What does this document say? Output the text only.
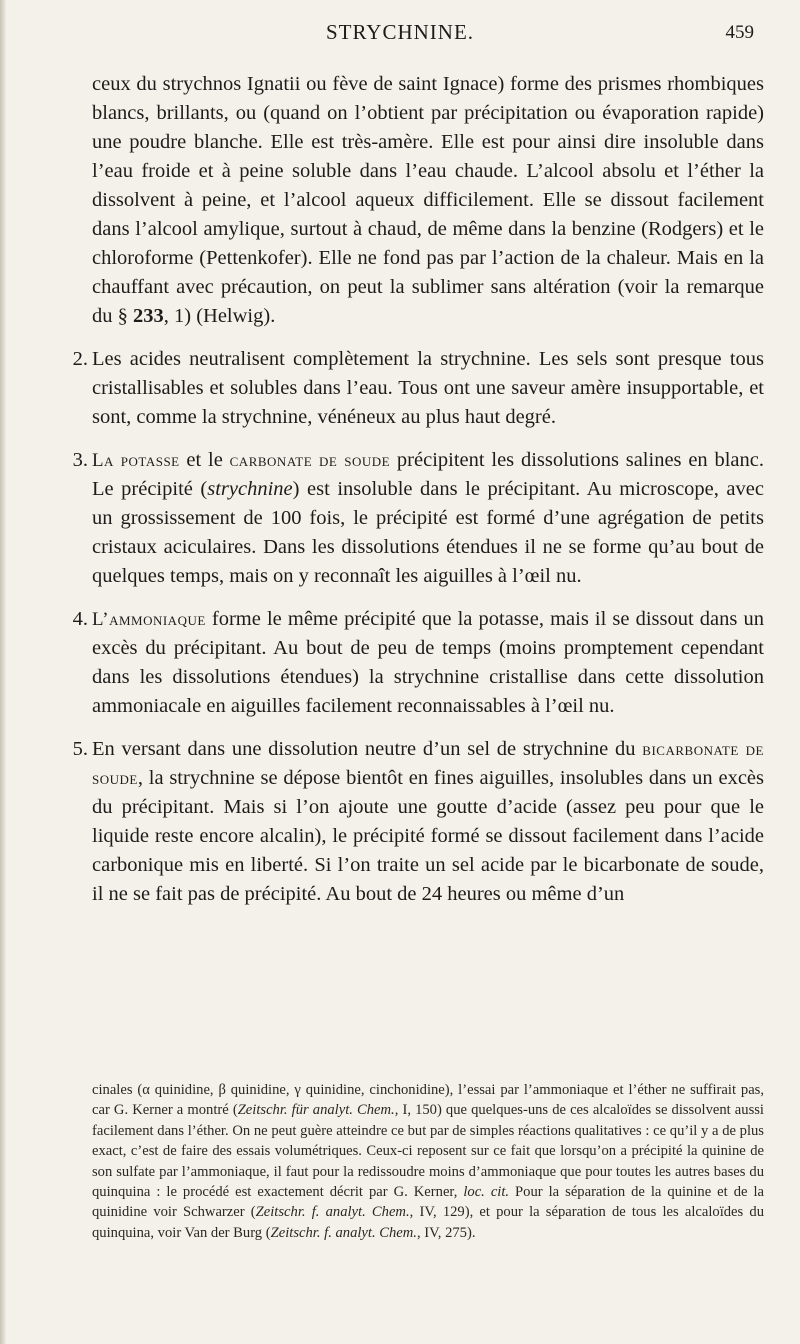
STRYCHNINE.	459

ceux du strychnos Ignatii ou fève de saint Ignace) forme des prismes rhombiques blancs, brillants, ou (quand on l’obtient par précipitation ou évaporation rapide) une poudre blanche. Elle est très-amère. Elle est pour ainsi dire insoluble dans l’eau froide et à peine soluble dans l’eau chaude. L’alcool absolu et l’éther la dissolvent à peine, et l’alcool aqueux difficilement. Elle se dissout facilement dans l’alcool amylique, surtout à chaud, de même dans la benzine (Rodgers) et le chloroforme (Pettenkofer). Elle ne fond pas par l’action de la chaleur. Mais en la chauffant avec précaution, on peut la sublimer sans altération (voir la remarque du § 233, 1) (Helwig).

2. Les acides neutralisent complètement la strychnine. Les sels sont presque tous cristallisables et solubles dans l’eau. Tous ont une saveur amère insupportable, et sont, comme la strychnine, vénéneux au plus haut degré.

3. La potasse et le carbonate de soude précipitent les dissolutions salines en blanc. Le précipité (strychnine) est insoluble dans le précipitant. Au microscope, avec un grossissement de 100 fois, le précipité est formé d’une agrégation de petits cristaux aciculaires. Dans les dissolutions étendues il ne se forme qu’au bout de quelques temps, mais on y reconnaît les aiguilles à l’œil nu.

4. L’ammoniaque forme le même précipité que la potasse, mais il se dissout dans un excès du précipitant. Au bout de peu de temps (moins promptement cependant dans les dissolutions étendues) la strychnine cristallise dans cette dissolution ammoniacale en aiguilles facilement reconnaissables à l’œil nu.

5. En versant dans une dissolution neutre d’un sel de strychnine du bicarbonate de soude, la strychnine se dépose bientôt en fines aiguilles, insolubles dans un excès du précipitant. Mais si l’on ajoute une goutte d’acide (assez peu pour que le liquide reste encore alcalin), le précipité formé se dissout facilement dans l’acide carbonique mis en liberté. Si l’on traite un sel acide par le bicarbonate de soude, il ne se fait pas de précipité. Au bout de 24 heures ou même d’un

cinales (α quinidine, β quinidine, γ quinidine, cinchonidine), l’essai par l’ammoniaque et l’éther ne suffirait pas, car G. Kerner a montré (Zeitschr. für analyt. Chem., I, 150) que quelques-uns de ces alcaloïdes se dissolvent aussi facilement dans l’éther. On ne peut guère atteindre ce but par de simples réactions qualitatives : ce qu’il y a de plus exact, c’est de faire des essais volumétriques. Ceux-ci reposent sur ce fait que lorsqu’on a précipité la quinine de son sulfate par l’ammoniaque, il faut pour la redissoudre moins d’ammoniaque que pour toutes les autres bases du quinquina : le procédé est exactement décrit par G. Kerner, loc. cit. Pour la séparation de la quinine et de la quinidine voir Schwarzer (Zeitschr. f. analyt. Chem., IV, 129), et pour la séparation de tous les alcaloïdes du quinquina, voir Van der Burg (Zeitschr. f. analyt. Chem., IV, 275).
